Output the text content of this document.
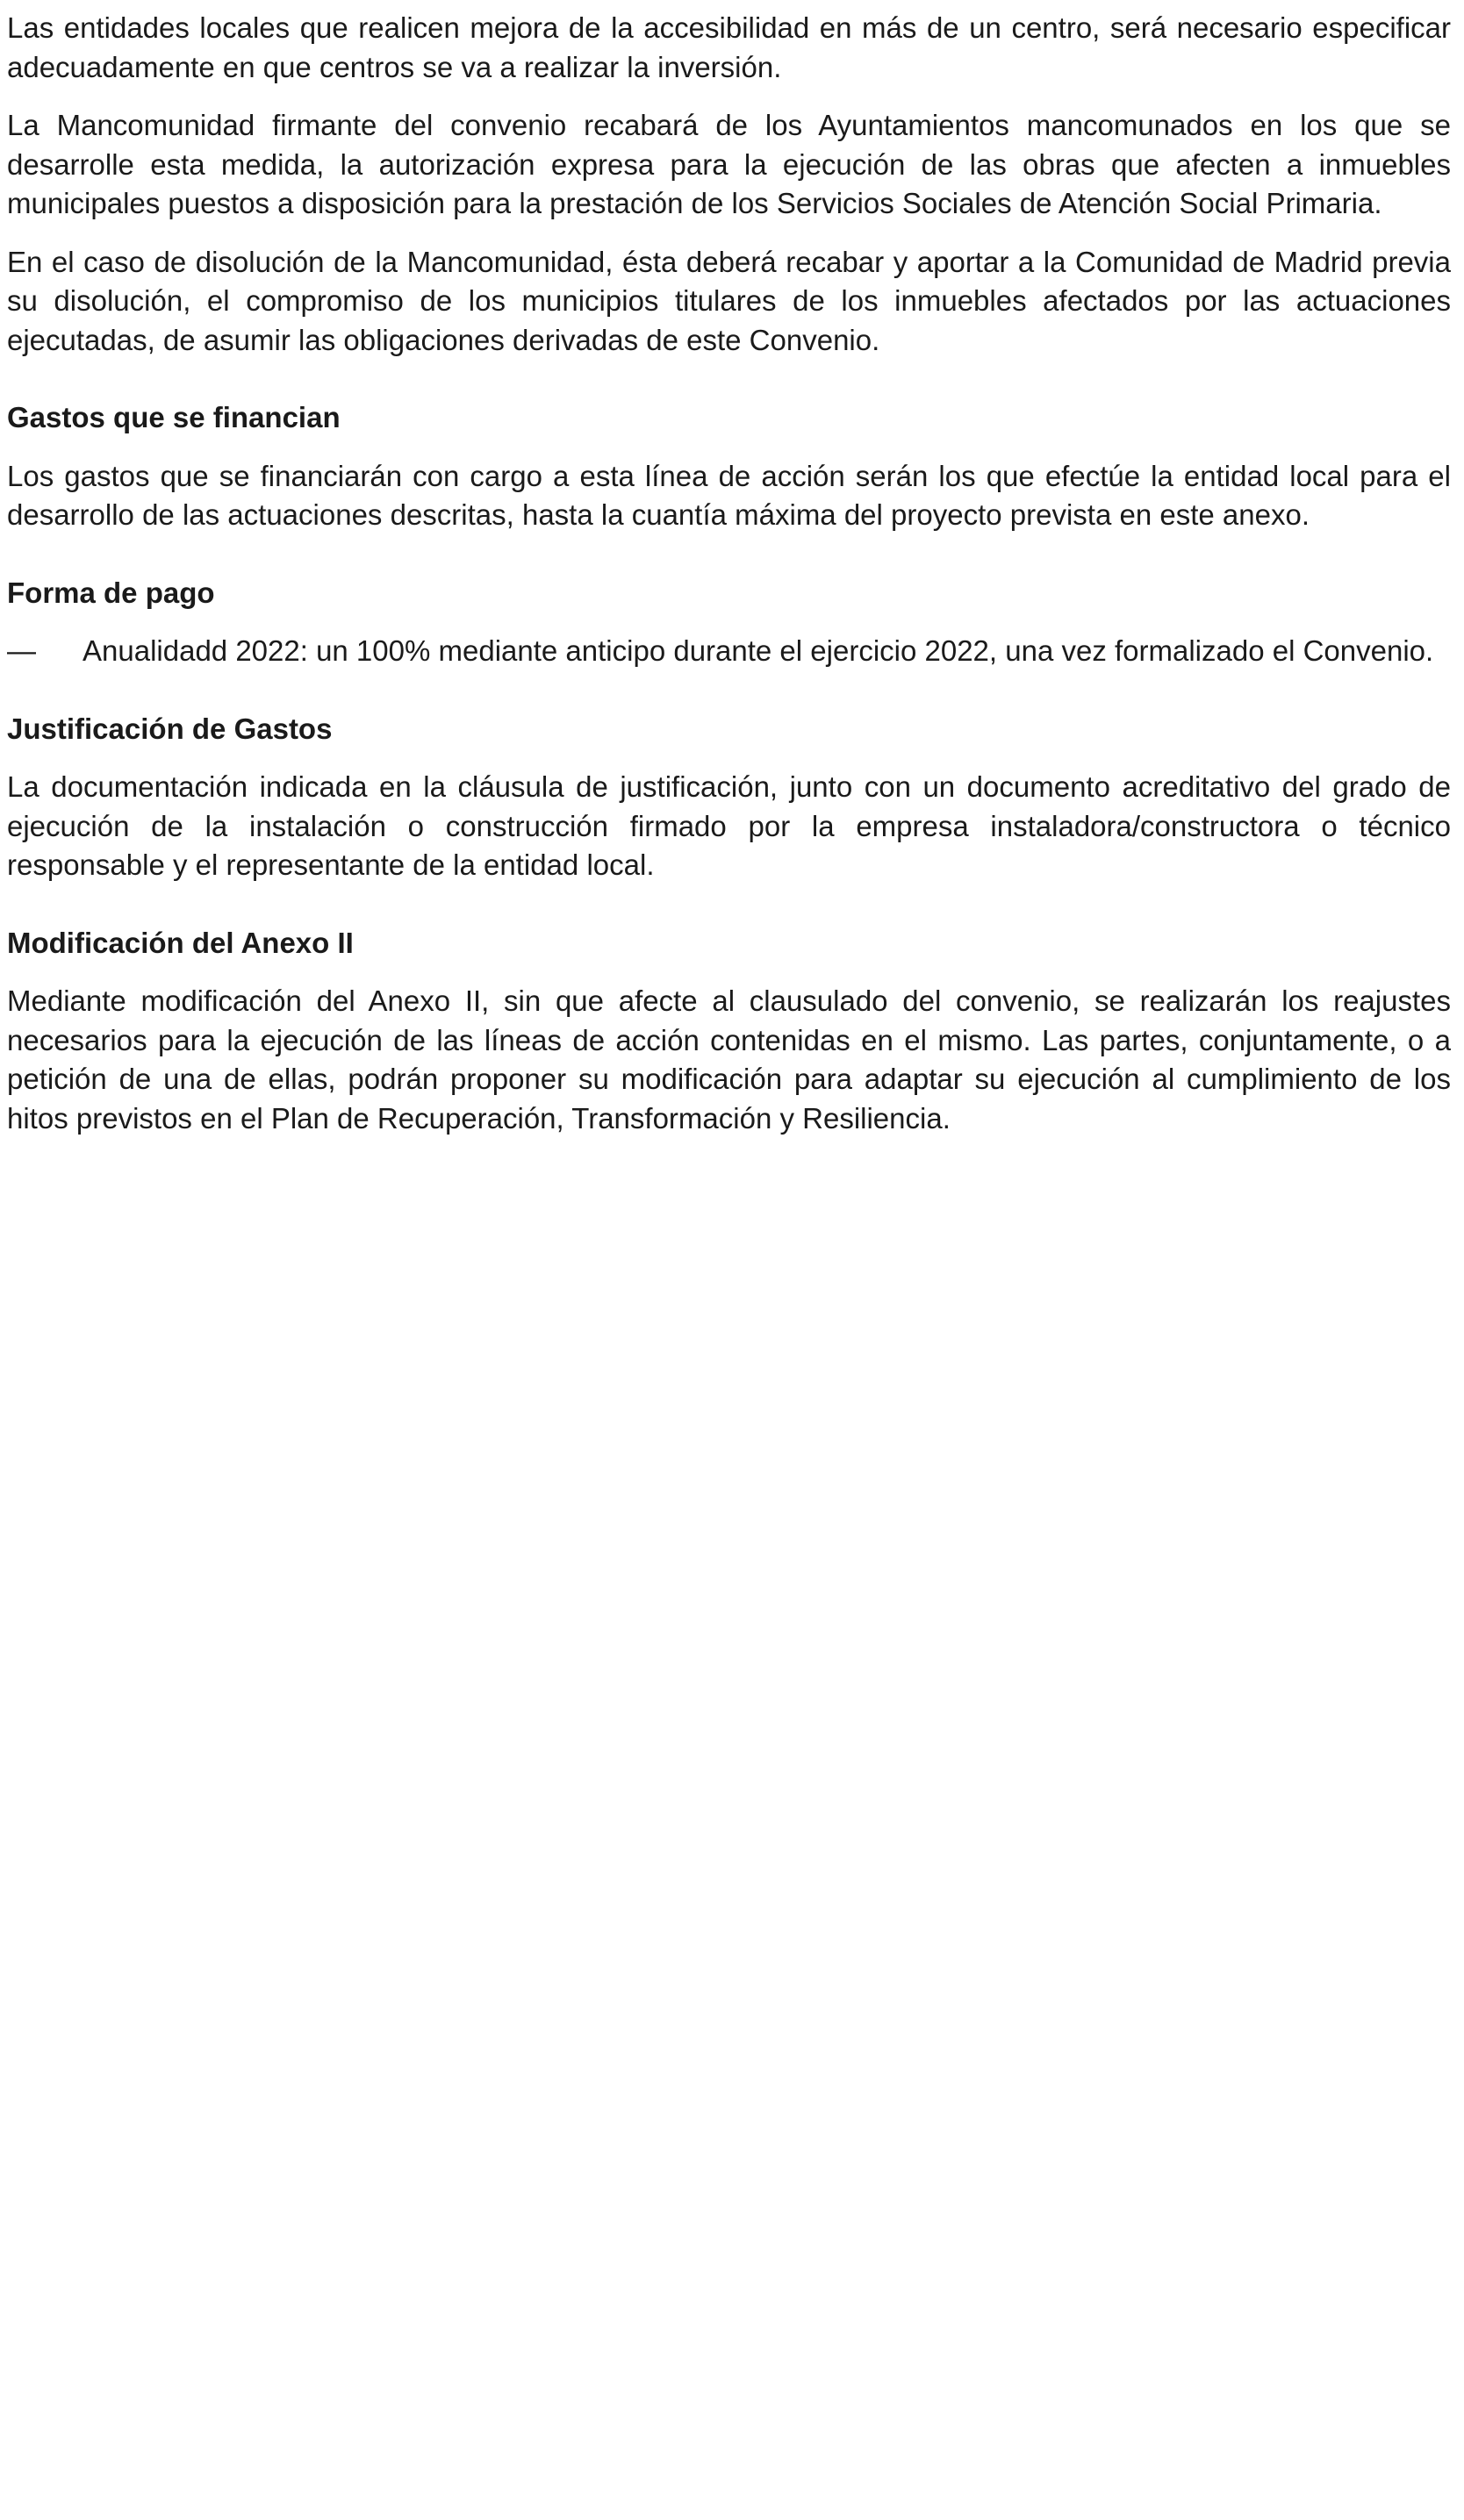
Las entidades locales que realicen mejora de la accesibilidad en más de un centro, será necesario especificar adecuadamente en que centros se va a realizar la inversión.

La Mancomunidad firmante del convenio recabará de los Ayuntamientos mancomunados en los que se desarrolle esta medida, la autorización expresa para la ejecución de las obras que afecten a inmuebles municipales puestos a disposición para la prestación de los Servicios Sociales de Atención Social Primaria.

En el caso de disolución de la Mancomunidad, ésta deberá recabar y aportar a la Comunidad de Madrid previa su disolución, el compromiso de los municipios titulares de los inmuebles afectados por las actuaciones ejecutadas, de asumir las obligaciones derivadas de este Convenio.

Gastos que se financian

Los gastos que se financiarán con cargo a esta línea de acción serán los que efectúe la entidad local para el desarrollo de las actuaciones descritas, hasta la cuantía máxima del proyecto prevista en este anexo.

Forma de pago
—	Anualidadd 2022: un 100% mediante anticipo durante el ejercicio 2022, una vez formalizado el Convenio.
Justificación de Gastos

La documentación indicada en la cláusula de justificación, junto con un documento acreditativo del grado de ejecución de la instalación o construcción firmado por la empresa instaladora/constructora o técnico responsable y el representante de la entidad local.

Modificación del Anexo II

Mediante modificación del Anexo II, sin que afecte al clausulado del convenio, se realizarán los reajustes necesarios para la ejecución de las líneas de acción contenidas en el mismo. Las partes, conjuntamente, o a petición de una de ellas, podrán proponer su modificación para adaptar su ejecución al cumplimiento de los hitos previstos en el Plan de Recuperación, Transformación y Resiliencia.
